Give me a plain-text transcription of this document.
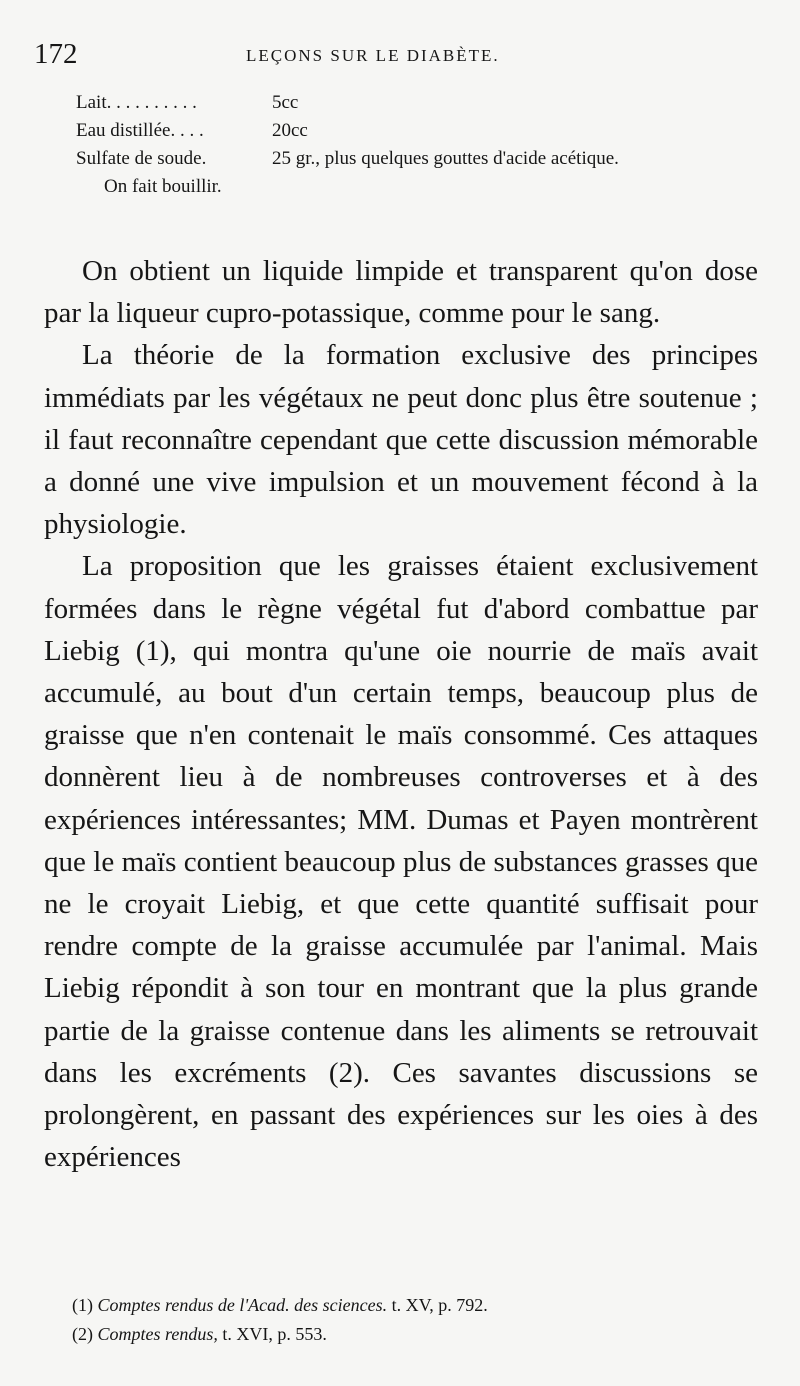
172	LEÇONS SUR LE DIABÈTE.
Lait. . . . . . . . . .	5cc
Eau distillée. . . .	20cc
Sulfate de soude.	25 gr., plus quelques gouttes d'acide acétique.
On fait bouillir.

On obtient un liquide limpide et transparent qu'on dose par la liqueur cupro-potassique, comme pour le sang.

La théorie de la formation exclusive des principes immédiats par les végétaux ne peut donc plus être soutenue ; il faut reconnaître cependant que cette discussion mémorable a donné une vive impulsion et un mouvement fécond à la physiologie.

La proposition que les graisses étaient exclusivement formées dans le règne végétal fut d'abord combattue par Liebig (1), qui montra qu'une oie nourrie de maïs avait accumulé, au bout d'un certain temps, beaucoup plus de graisse que n'en contenait le maïs consommé. Ces attaques donnèrent lieu à de nombreuses controverses et à des expériences intéressantes; MM. Dumas et Payen montrèrent que le maïs contient beaucoup plus de substances grasses que ne le croyait Liebig, et que cette quantité suffisait pour rendre compte de la graisse accumulée par l'animal. Mais Liebig répondit à son tour en montrant que la plus grande partie de la graisse contenue dans les aliments se retrouvait dans les excréments (2). Ces savantes discussions se prolongèrent, en passant des expériences sur les oies à des expériences

(1) Comptes rendus de l'Acad. des sciences. t. XV, p. 792.
(2) Comptes rendus, t. XVI, p. 553.
